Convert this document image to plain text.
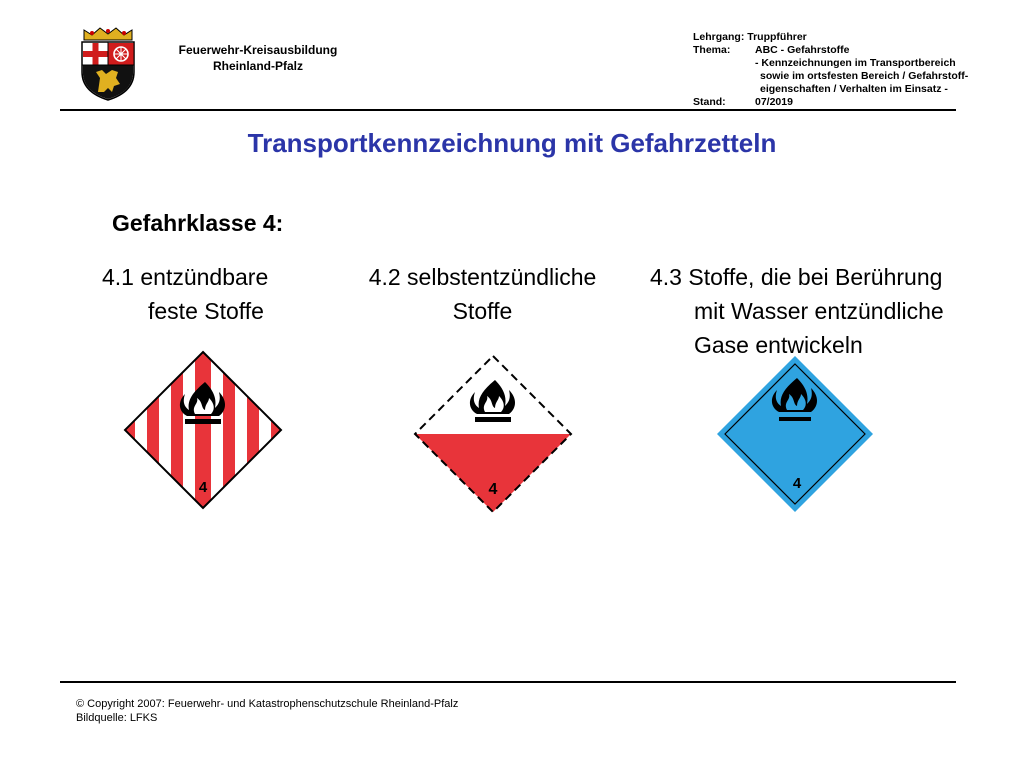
Feuerwehr-Kreisausbildung
Rheinland-Pfalz
Lehrgang:
Truppführer
Thema:	ABC - Gefahrstoffe
- Kennzeichnungen im Transportbereich
sowie im ortsfesten Bereich / Gefahrstoff-
eigenschaften / Verhalten im Einsatz -
Stand:	07/2019
Transportkennzeichnung mit Gefahrzetteln
Gefahrklasse 4:
4.1 entzündbare
feste Stoffe
4.2 selbstentzündliche
Stoffe
4.3 Stoffe, die bei Berührung
mit Wasser entzündliche
Gase entwickeln
4	4	4
© Copyright 2007: Feuerwehr- und Katastrophenschutzschule Rheinland-Pfalz
Bildquelle: LFKS
